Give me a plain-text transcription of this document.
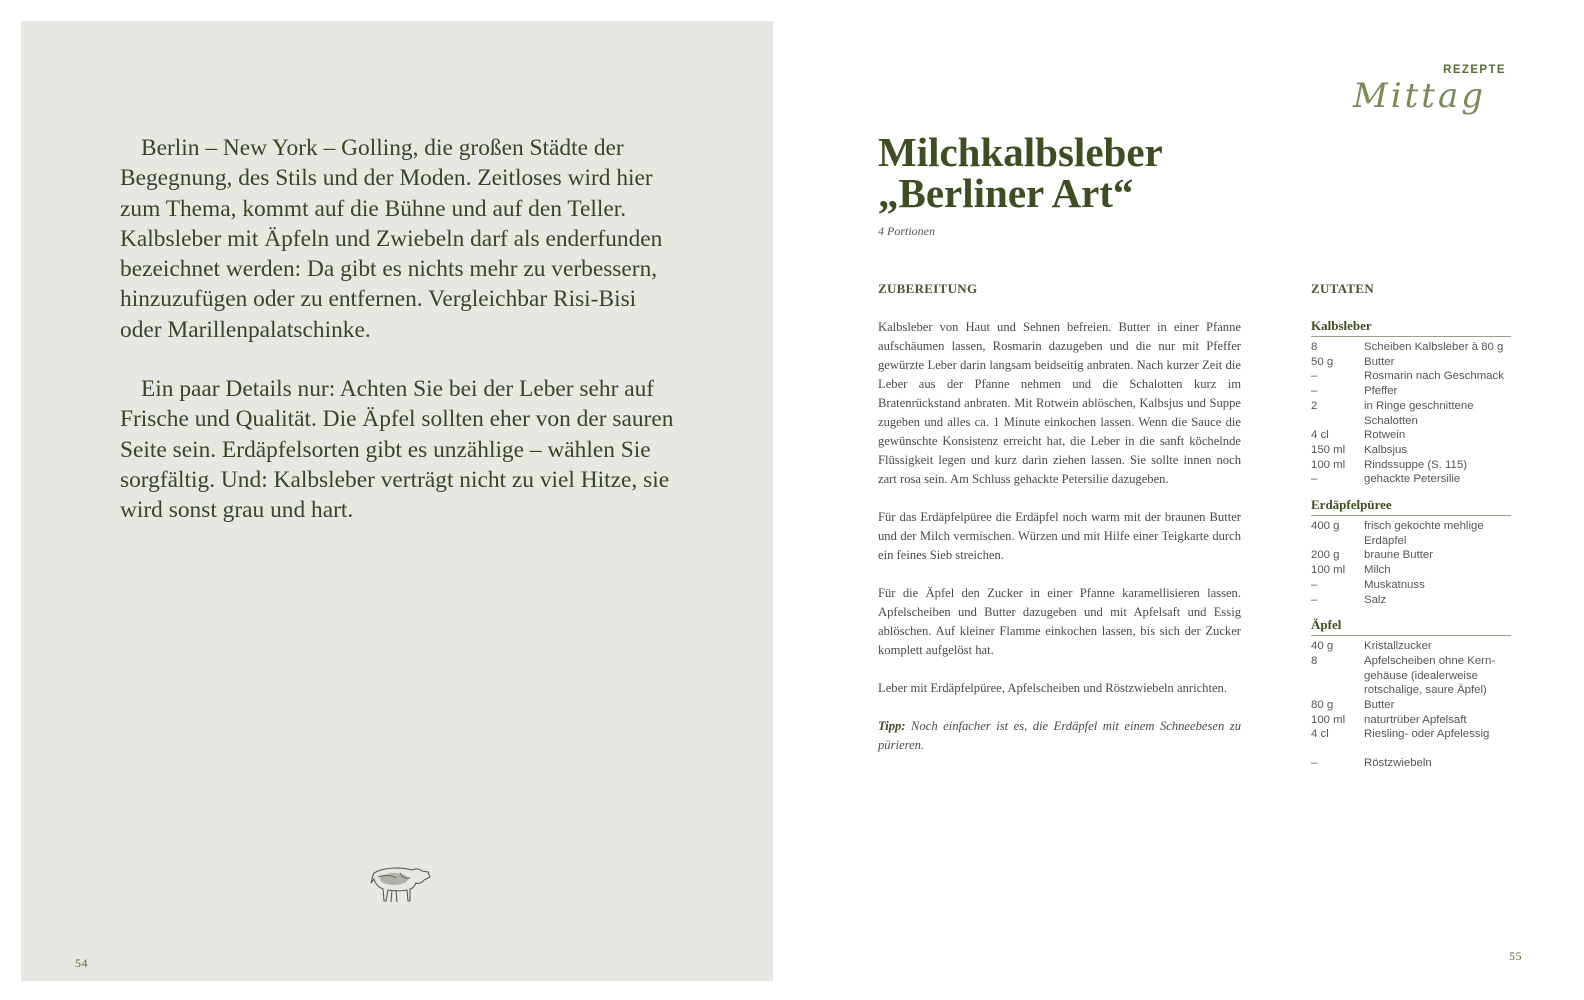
Berlin – New York – Golling, die großen Städte der Begegnung, des Stils und der Moden. Zeitloses wird hier zum Thema, kommt auf die Bühne und auf den Teller. Kalbsleber mit Äpfeln und Zwiebeln darf als enderfunden bezeichnet werden: Da gibt es nichts mehr zu verbessern, hinzuzufügen oder zu entfernen. Vergleichbar Risi-Bisi oder Marillenpalatschinke.

Ein paar Details nur: Achten Sie bei der Leber sehr auf Frische und Qualität. Die Äpfel sollten eher von der sauren Seite sein. Erdäpfelsorten gibt es unzählige – wählen Sie sorgfältig. Und: Kalbsleber verträgt nicht zu viel Hitze, sie wird sonst grau und hart.

54
REZEPTE
Mittag
Milchkalbsleber
„Berliner Art“
4 Portionen
ZUBEREITUNG	ZUTATEN

Kalbsleber von Haut und Sehnen befreien. Butter in einer Pfanne aufschäumen lassen, Rosmarin dazugeben und die nur mit Pfeffer gewürzte Leber darin langsam beidseitig anbraten. Nach kurzer Zeit die Leber aus der Pfanne nehmen und die Schalotten kurz im Bratenrückstand anbraten. Mit Rotwein ablöschen, Kalbsjus und Suppe zugeben und alles ca. 1 Minute einkochen lassen. Wenn die Sauce die gewünschte Konsistenz erreicht hat, die Leber in die sanft köchelnde Flüssigkeit legen und kurz darin ziehen lassen. Sie sollte innen noch zart rosa sein. Am Schluss gehackte Petersilie dazugeben.

Für das Erdäpfelpüree die Erdäpfel noch warm mit der braunen Butter und der Milch vermischen. Würzen und mit Hilfe einer Teigkarte durch ein feines Sieb streichen.

Für die Äpfel den Zucker in einer Pfanne karamellisieren lassen. Apfelscheiben und Butter dazugeben und mit Apfelsaft und Essig ablöschen. Auf kleiner Flamme einkochen lassen, bis sich der Zucker komplett aufgelöst hat.

Leber mit Erdäpfelpüree, Apfelscheiben und Röstzwiebeln anrichten.

Tipp: Noch einfacher ist es, die Erdäpfel mit einem Schneebesen zu pürieren.

Kalbsleber
8	Scheiben Kalbsleber à 80 g
50 g	Butter
–	Rosmarin nach Geschmack
–	Pfeffer
2	in Ringe geschnittene Schalotten
4 cl	Rotwein
150 ml	Kalbsjus
100 ml	Rindssuppe (S. 115)
–	gehackte Petersilie
Erdäpfelpüree
400 g	frisch gekochte mehlige Erdäpfel
200 g	braune Butter
100 ml	Milch
–	Muskatnuss
–	Salz
Äpfel
40 g	Kristallzucker
8	Apfelscheiben ohne Kerngehäuse (idealerweise rotschalige, saure Äpfel)
80 g	Butter
100 ml	naturtrüber Apfelsaft
4 cl	Riesling- oder Apfelessig
–	Röstzwiebeln
55
